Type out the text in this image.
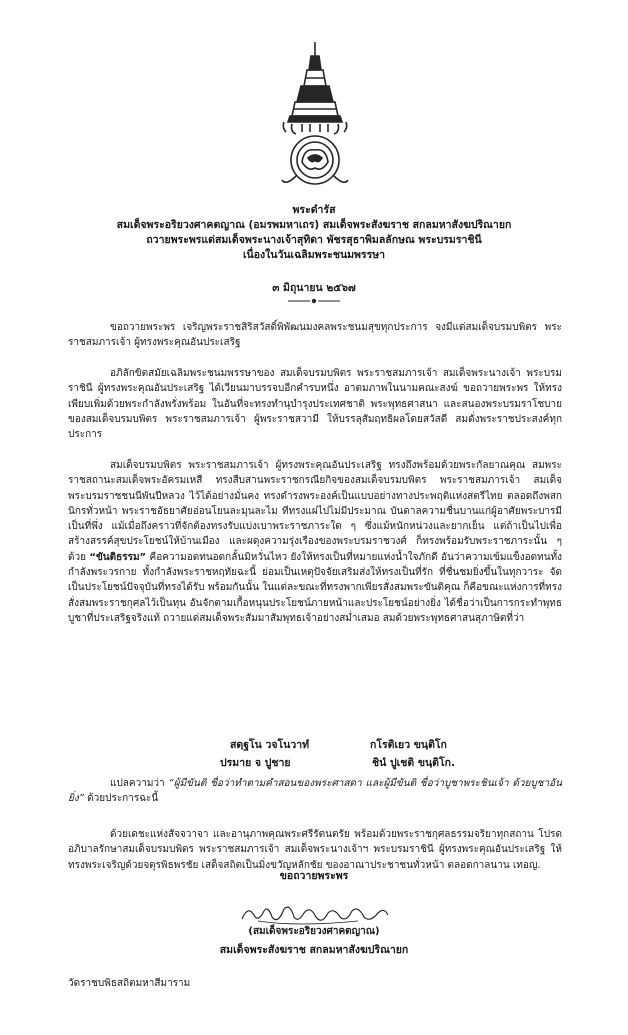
พระดำรัส
สมเด็จพระอริยวงศาคตญาณ (อมรพมหาเถร) สมเด็จพระสังฆราช สกลมหาสังฆปริณายก
ถวายพระพรแด่สมเด็จพระนางเจ้าสุทิดา พัชรสุธาพิมลลักษณ พระบรมราชินี
เนื่องในวันเฉลิมพระชนมพรรษา
๓ มิถุนายน ๒๕๖๗

ขอถวายพระพร เจริญพระราชสิริสวัสดิ์พิพัฒนมงคลพระชนมสุขทุกประการ จงมีแด่สมเด็จบรมบพิตร พระราชสมภารเจ้า ผู้ทรงพระคุณอันประเสริฐ

อภิลักขิตสมัยเฉลิมพระชนมพรรษาของ สมเด็จบรมบพิตร พระราชสมภารเจ้า สมเด็จพระนางเจ้า พระบรมราชินี ผู้ทรงพระคุณอันประเสริฐ ได้เวียนมาบรรจบอีกคำรบหนึ่ง อาตมภาพในนามคณะสงฆ์ ขอถวายพระพร ให้ทรงเพียบเพิ่มด้วยพระกำลังพรั่งพร้อม ในอันที่จะทรงทำนุบำรุงประเทศชาติ พระพุทธศาสนา และสนองพระบรมราโชบายของสมเด็จบรมบพิตร พระราชสมภารเจ้า ผู้พระราชสวามี ให้บรรลุสัมฤทธิผลโดยสวัสดี สมดั่งพระราชประสงค์ทุกประการ

สมเด็จบรมบพิตร พระราชสมภารเจ้า ผู้ทรงพระคุณอันประเสริฐ ทรงถึงพร้อมด้วยพระกัลยาณคุณ สมพระราชสถานะสมเด็จพระอัครมเหสี ทรงสืบสานพระราชกรณียกิจของสมเด็จบรมบพิตร พระราชสมภารเจ้า สมเด็จพระบรมราชชนนีพันปีหลวง ไว้ได้อย่างมั่นคง ทรงดำรงพระองค์เป็นแบบอย่างทางประพฤติแห่งสตรีไทย ตลอดถึงพสกนิกรทั่วหน้า พระราชอัธยาศัยอ่อนโยนละมุนละไม ทีทรงแผ่ไปไม่มีประมาณ บันดาลความชื่นบานแก่ผู้อาศัยพระบารมีเป็นที่พึ่ง แม้เมื่อถึงคราวที่จักต้องทรงรับแบ่งเบาพระราชภาระใด ๆ ซึ่งแม้หนักหน่วงและยากเย็น แต่ถ้าเป็นไปเพื่อสร้างสรรค์สุขประโยชน์ให้บ้านเมือง และผดุงความรุ่งเรืองของพระบรมราชวงศ์ ก็ทรงพร้อมรับพระราชภาระนั้น ๆ ด้วย “ขันติธรรม” คือความอดทนอดกลั้นมิหวั่นไหว ยังให้ทรงเป็นที่หมายแห่งน้ำใจภักดี อันว่าความเข้มแข็งอดทนทั้งกำลังพระวรกาย ทั้งกำลังพระราชหฤทัยฉะนี้ ย่อมเป็นเหตุปัจจัยเสริมส่งให้ทรงเป็นที่รัก ที่ชื่นชมยิ่งขึ้นในทุกวาระ จัดเป็นประโยชน์ปัจจุบันที่ทรงได้รับ พร้อมกันนั้น ในแต่ละขณะที่ทรงพากเพียรสั่งสมพระขันติคุณ ก็คือขณะแห่งการที่ทรงสั่งสมพระราชกุศลไว้เป็นทุน อันจักตามเกื้อหนุนประโยชน์ภายหน้าและประโยชน์อย่างยิ่ง ได้ชื่อว่าเป็นการกระทำพุทธบูชาที่ประเสริฐจริงแท้ ถวายแด่สมเด็จพระสัมมาสัมพุทธเจ้าอย่างสม่ำเสมอ สมด้วยพระพุทธศาสนสุภาษิตที่ว่า

สดฺฐโน วจโนวาทํ	กโรติเยว ขนฺติโก
ปรมาย จ ปูชาย	ชินํ ปูเชติ ขนฺติโก.

แปลความว่า “ผู้มีขันติ ชื่อว่าทำตามคำสอนของพระศาสดา และผู้มีขันติ ชื่อว่าบูชาพระชินเจ้า ด้วยบูชาอันยิ่ง” ด้วยประการฉะนี้

ด้วยเดชะแห่งสัจจวาจา และอานุภาพคุณพระศรีรัตนตรัย พร้อมด้วยพระราชกุศลธรรมจริยาทุกสถาน โปรดอภิบาลรักษาสมเด็จบรมบพิตร พระราชสมภารเจ้า สมเด็จพระนางเจ้าฯ พระบรมราชินี ผู้ทรงพระคุณอันประเสริฐ ให้ทรงพระเจริญด้วยจตุรพิธพรชัย เสด็จสถิตเป็นมิ่งขวัญหลักชัย ของอาณาประชาชนทั่วหน้า ตลอดกาลนาน เทอญ.

ขอถวายพระพร
(สมเด็จพระอริยวงศาคตญาณ)
สมเด็จพระสังฆราช สกลมหาสังฆปริณายก
วัดราชบพิธสถิตมหาสีมาราม
